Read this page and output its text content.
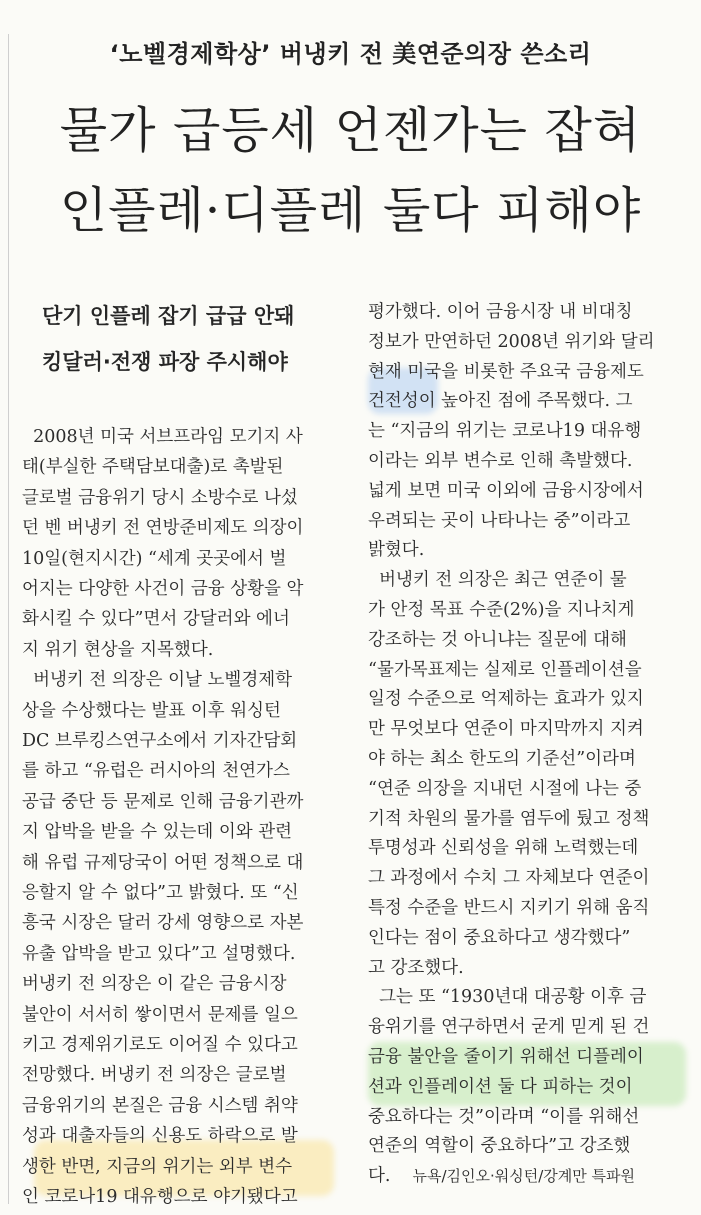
‘노벨경제학상’ 버냉키 전 美연준의장 쓴소리
물가 급등세 언젠가는 잡혀
인플레·디플레 둘다 피해야
단기 인플레 잡기 급급 안돼
킹달러·전쟁 파장 주시해야
2008년 미국 서브프라임 모기지 사
태(부실한 주택담보대출)로 촉발된
글로벌 금융위기 당시 소방수로 나섰
던 벤 버냉키 전 연방준비제도 의장이
10일(현지시간) “세계 곳곳에서 벌
어지는 다양한 사건이 금융 상황을 악
화시킬 수 있다”면서 강달러와 에너
지 위기 현상을 지목했다.
버냉키 전 의장은 이날 노벨경제학
상을 수상했다는 발표 이후 워싱턴
DC 브루킹스연구소에서 기자간담회
를 하고 “유럽은 러시아의 천연가스
공급 중단 등 문제로 인해 금융기관까
지 압박을 받을 수 있는데 이와 관련
해 유럽 규제당국이 어떤 정책으로 대
응할지 알 수 없다”고 밝혔다. 또 “신
흥국 시장은 달러 강세 영향으로 자본
유출 압박을 받고 있다”고 설명했다.
버냉키 전 의장은 이 같은 금융시장
불안이 서서히 쌓이면서 문제를 일으
키고 경제위기로도 이어질 수 있다고
전망했다. 버냉키 전 의장은 글로벌
금융위기의 본질은 금융 시스템 취약
성과 대출자들의 신용도 하락으로 발
생한 반면, 지금의 위기는 외부 변수
인 코로나19 대유행으로 야기됐다고
평가했다. 이어 금융시장 내 비대칭
정보가 만연하던 2008년 위기와 달리
현재 미국을 비롯한 주요국 금융제도
건전성이 높아진 점에 주목했다. 그
는 “지금의 위기는 코로나19 대유행
이라는 외부 변수로 인해 촉발했다.
넓게 보면 미국 이외에 금융시장에서
우려되는 곳이 나타나는 중”이라고
밝혔다.
버냉키 전 의장은 최근 연준이 물
가 안정 목표 수준(2%)을 지나치게
강조하는 것 아니냐는 질문에 대해
“물가목표제는 실제로 인플레이션을
일정 수준으로 억제하는 효과가 있지
만 무엇보다 연준이 마지막까지 지켜
야 하는 최소 한도의 기준선”이라며
“연준 의장을 지내던 시절에 나는 중
기적 차원의 물가를 염두에 뒀고 정책
투명성과 신뢰성을 위해 노력했는데
그 과정에서 수치 그 자체보다 연준이
특정 수준을 반드시 지키기 위해 움직
인다는 점이 중요하다고 생각했다”
고 강조했다.
그는 또 “1930년대 대공황 이후 금
융위기를 연구하면서 굳게 믿게 된 건
금융 불안을 줄이기 위해선 디플레이
션과 인플레이션 둘 다 피하는 것이
중요하다는 것”이라며 “이를 위해선
연준의 역할이 중요하다”고 강조했
다. 뉴욕/김인오·워싱턴/강계만 특파원
